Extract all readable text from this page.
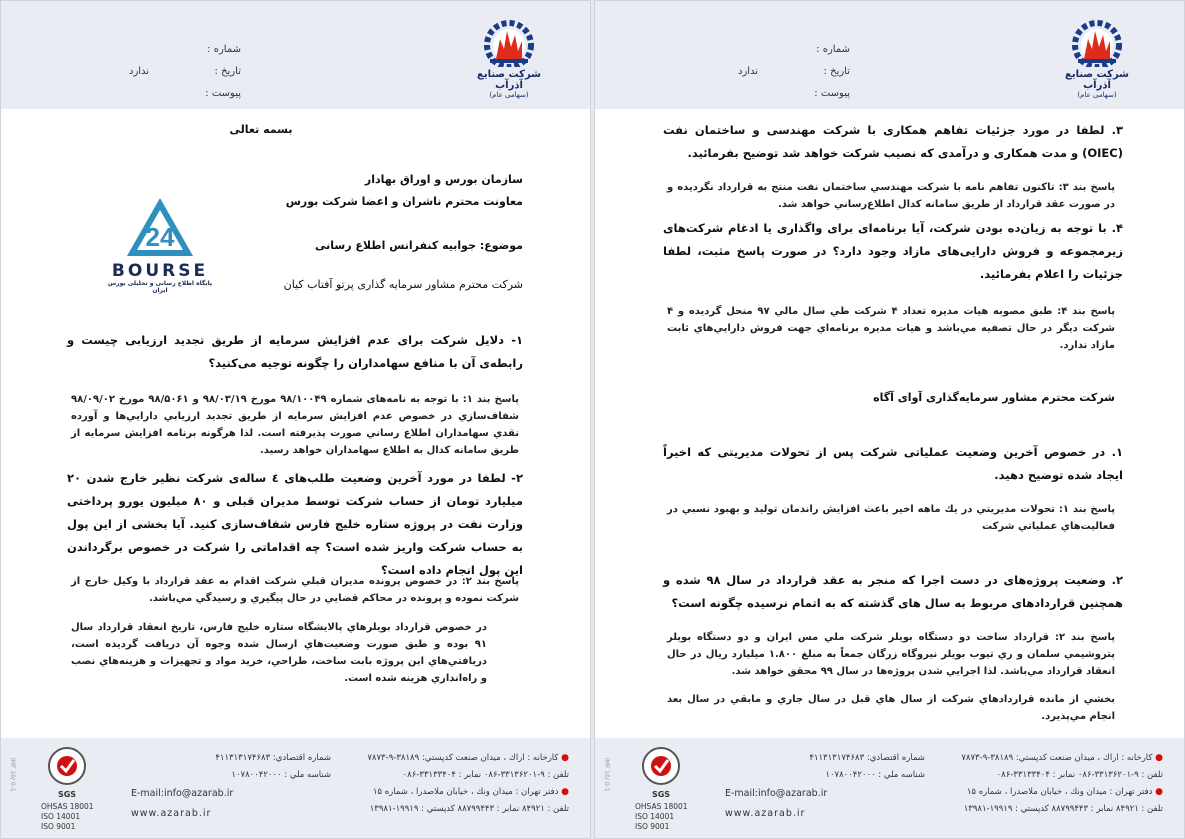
شماره :
تاریخ :
پیوست :
ندارد	شرکت صنایع آذرآب
(سهامی عام)
بسمه تعالی
سازمان بورس و اوراق بهادار
معاونت محترم ناشران و اعضا شرکت بورس
موضوع: جوابیه کنفرانس اطلاع رسانی
شرکت محترم مشاور سرمایه گذاری پرتو آفتاب کیان
24
BOURSE
پایگاه اطلاع رسانی و تحلیلی بورس ایران
۱- دلایل شرکت برای عدم افزایش سرمایه از طریق تجدید ارزیابی چیست و رابطه‌ی آن با منافع سهامداران را چگونه توجیه می‌کنید؟
پاسخ بند ۱: با توجه به نامه‌های شماره ۹۸/۱۰۰۴۹ مورخ ۹۸/۰۳/۱۹ و ۹۸/۵۰۶۱ مورخ ۹۸/۰۹/۰۲ شفاف‌سازي در خصوص عدم افزايش سرمايه از طريق تجديد ارزيابي دارايي‌ها و آورده نقدي سهامداران اطلاع رساني صورت پذيرفته است. لذا هرگونه برنامه افزايش سرمايه از طريق سامانه كدال به اطلاع سهامداران خواهد رسيد.
۲- لطفا در مورد آخرین وضعیت طلب‌های ٤ ساله‌ی شرکت نظیر خارج شدن ۲۰ میلیارد تومان از حساب شرکت توسط مدیران قبلی و ۸۰ میلیون یورو پرداختی وزارت نفت در پروژه ستاره خلیج فارس شفاف‌سازی کنید. آیا بخشی از این پول به حساب شرکت واریز شده است؟ چه اقداماتی را شرکت در خصوص برگرداندن این پول انجام داده است؟
پاسخ بند ۲: در خصوص پرونده مديران قبلي شركت اقدام به عقد قرارداد با وكيل خارج از شركت نموده و پرونده در محاكم قضايي در حال پيگيري و رسيدگي مي‌باشد.
در خصوص قرارداد بويلرهاي پالايشگاه ستاره خليج فارس، تاريخ انعقاد قرارداد سال ۹۱ بوده و طبق صورت وضعيت‌هاي ارسال شده وجوه آن دريافت گرديده است، دريافتي‌هاي اين پروژه بابت ساخت، طراحي، خريد مواد و تجهيزات و هزينه‌هاي نصب و راه‌اندازي هزينه شده است.
IMF 10/ 0-1
SGS
OHSAS 18001
ISO 14001
ISO 9001
● كارخانه : اراك ، ميدان صنعت كدپستي: ۳۸۱۸۹-۹-۷۸۷۳
تلفن : ۹-۳۳۱۳۶۲۰۱-۰۸۶ نمابر : ۳۳۱۳۳۴۰۴-۰۸۶
● دفتر تهران : ميدان ونك ، خيابان ملاصدرا ، شماره ۱۵
تلفن : ۸۴۹۲۱ نمابر : ۸۸۷۹۹۴۴۳ كدپستي : ۱۹۹۱۹-۱۳۹۸۱
شماره اقتصادي: ۴۱۱۳۱۳۱۷۴۶۸۳
شناسه ملي : ۱۰۷۸۰۰۴۲۰۰۰
E-mail:info@azarab.ir
www.azarab.ir
شماره :
تاریخ :
پیوست :
ندارد	شرکت صنایع آذرآب
(سهامی عام)
۳. لطفا در مورد جزئیات تفاهم همکاری با شرکت مهندسی و ساختمان نفت (OIEC) و مدت همکاری و درآمدی که نصیب شرکت خواهد شد توضیح بفرمائید.
پاسخ بند ۳: تاكنون تفاهم نامه با شركت مهندسي ساختمان نفت منتج به قرارداد نگرديده و در صورت عقد قرارداد از طريق سامانه كدال اطلاع‌رساني خواهد شد.
۴. با توجه به زیان‌ده بودن شرکت، آیا برنامه‌ای برای واگذاری یا ادغام شرکت‌های زیرمجموعه و فروش دارایی‌های مازاد وجود دارد؟ در صورت پاسخ مثبت، لطفا جزئیات را اعلام بفرمائید.
پاسخ بند ۴: طبق مصوبه هيات مديره تعداد ۴ شركت طي سال مالي ۹۷ منحل گرديده و ۴ شركت ديگر در حال تصفيه مي‌باشد و هيات مديره برنامه‌اي جهت فروش دارايي‌هاي ثابت مازاد ندارد.
شرکت محترم مشاور سرمایه‌گذاری آوای آگاه
۱. در خصوص آخرین وضعیت عملیاتی شرکت پس از تحولات مدیریتی که اخیراً ایجاد شده توضیح دهید.
پاسخ بند ۱: تحولات مديريتي در يك ماهه اخير باعث افزايش راندمان توليد و بهبود نسبي در فعاليت‌هاي عملياتي شركت
۲. وضعیت پروژه‌های در دست اجرا که منجر به عقد قرارداد در سال ۹۸ شده و همچنین قراردادهای مربوط به سال های گذشته که به اتمام نرسیده چگونه است؟
پاسخ بند ۲: قرارداد ساخت دو دستگاه بويلر شركت ملي مس ايران و دو دستگاه بويلر پتروشيمي سلمان و ري تيوب بويلر نيروگاه زرگان جمعاً به مبلغ ۱.۸۰۰ ميليارد ريال در حال انعقاد قرارداد مي‌باشد. لذا اجرايي شدن پروژه‌ها در سال ۹۹ محقق خواهد شد.
بخشي از مانده قراردادهاي شركت از سال هاي قبل در سال جاري و مابقي در سال بعد انجام مي‌پذيرد.
IMF 10/ 0-1
SGS
OHSAS 18001
ISO 14001
ISO 9001
● كارخانه : اراك ، ميدان صنعت كدپستي: ۳۸۱۸۹-۹-۷۸۷۳
تلفن : ۹-۳۳۱۳۶۲۰۱-۰۸۶ نمابر : ۳۳۱۳۳۴۰۴-۰۸۶
● دفتر تهران : ميدان ونك ، خيابان ملاصدرا ، شماره ۱۵
تلفن : ۸۴۹۲۱ نمابر : ۸۸۷۹۹۴۴۳ كدپستي : ۱۹۹۱۹-۱۳۹۸۱
شماره اقتصادي: ۴۱۱۳۱۳۱۷۴۶۸۳
شناسه ملي : ۱۰۷۸۰۰۴۲۰۰۰
E-mail:info@azarab.ir
www.azarab.ir
